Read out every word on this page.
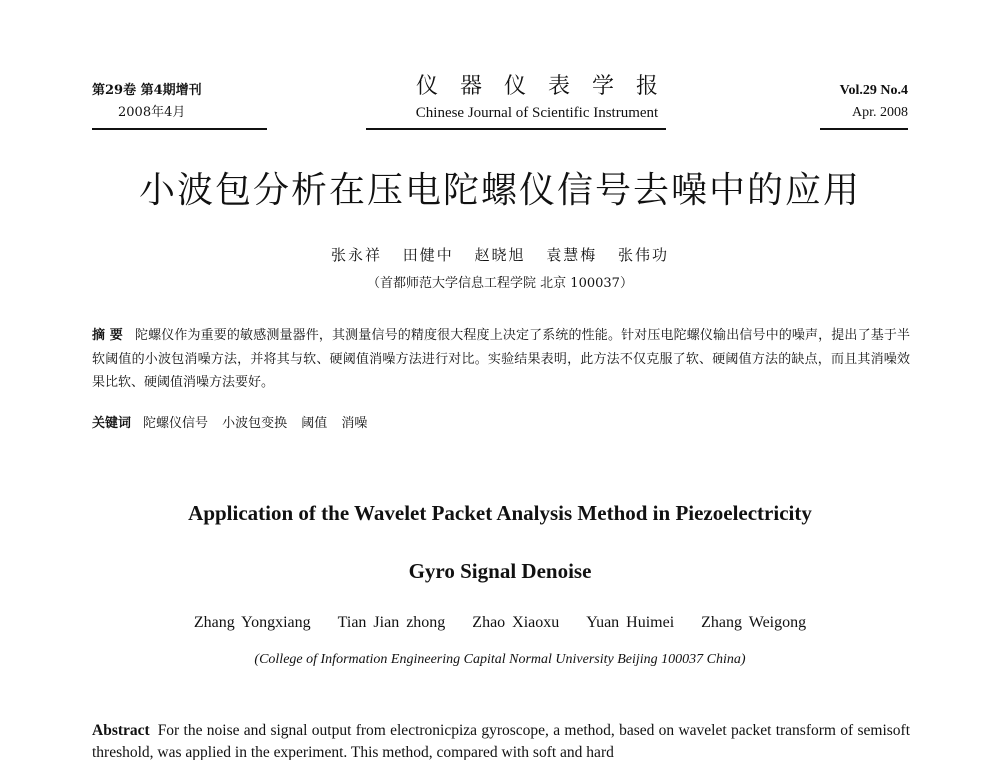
第29卷 第4期增刊
2008年4月
仪器仪表学报
Chinese Journal of Scientific Instrument
Vol.29 No.4
Apr. 2008
小波包分析在压电陀螺仪信号去噪中的应用
张永祥 田健中 赵晓旭 袁慧梅 张伟功
（首都师范大学信息工程学院 北京 100037）
摘 要 陀螺仪作为重要的敏感测量器件，其测量信号的精度很大程度上决定了系统的性能。针对压电陀螺仪输出信号中的噪声，提出了基于半软阈值的小波包消噪方法，并将其与软、硬阈值消噪方法进行对比。实验结果表明，此方法不仅克服了软、硬阈值方法的缺点，而且其消噪效果比软、硬阈值消噪方法要好。
关键词 陀螺仪信号 小波包变换 阈值 消噪
Application of the Wavelet Packet Analysis Method in Piezoelectricity
Gyro Signal Denoise
Zhang Yongxiang Tian Jian zhong Zhao Xiaoxu Yuan Huimei Zhang Weigong
(College of Information Engineering Capital Normal University Beijing 100037 China)
Abstract For the noise and signal output from electronicpiza gyroscope, a method, based on wavelet packet transform of semisoft threshold, was applied in the experiment. This method, compared with soft and hard
